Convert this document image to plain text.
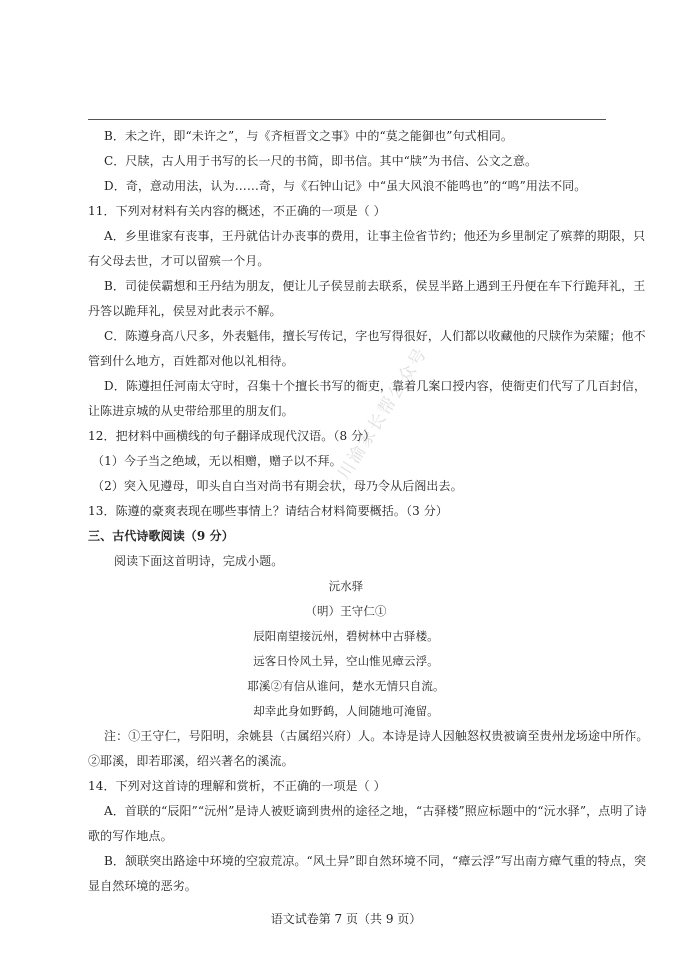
B．未之许，即“未许之”，与《齐桓晋文之事》中的“莫之能御也”句式相同。
C．尺牍，古人用于书写的长一尺的书简，即书信。其中“牍”为书信、公文之意。
D．奇，意动用法，认为……奇，与《石钟山记》中“虽大风浪不能鸣也”的“鸣”用法不同。
11．下列对材料有关内容的概述，不正确的一项是（ ）
A．乡里谁家有丧事，王丹就估计办丧事的费用，让事主俭省节约；他还为乡里制定了殡葬的期限，只
有父母去世，才可以留殡一个月。
B．司徒侯霸想和王丹结为朋友，便让儿子侯昱前去联系，侯昱半路上遇到王丹便在车下行跪拜礼，王
丹答以跪拜礼，侯昱对此表示不解。
C．陈遵身高八尺多，外表魁伟，擅长写传记，字也写得很好，人们都以收藏他的尺牍作为荣耀；他不
管到什么地方，百姓都对他以礼相待。
D．陈遵担任河南太守时，召集十个擅长书写的衙吏，靠着几案口授内容，使衙吏们代写了几百封信，
让陈进京城的从史带给那里的朋友们。
12．把材料中画横线的句子翻译成现代汉语。（8 分）
（1）今子当之绝域，无以相赠，赠子以不拜。
（2）突入见遵母，叩头自白当对尚书有期会状，母乃令从后阁出去。
13．陈遵的豪爽表现在哪些事情上？请结合材料简要概括。（3 分）
三、古代诗歌阅读（9 分）
阅读下面这首明诗，完成小题。
沅水驿
（明）王守仁①
辰阳南望接沅州，碧树林中古驿楼。
远客日怜风土异，空山惟见瘴云浮。
耶溪②有信从谁问，楚水无情只自流。
却幸此身如野鹤，人间随地可淹留。
注：①王守仁，号阳明，余姚县（古属绍兴府）人。本诗是诗人因触怒权贵被谪至贵州龙场途中所作。
②耶溪，即若耶溪，绍兴著名的溪流。
14．下列对这首诗的理解和赏析，不正确的一项是（ ）
A．首联的“辰阳”“沅州”是诗人被贬谪到贵州的途径之地，“古驿楼”照应标题中的“沅水驿”，点明了诗
歌的写作地点。
B．颔联突出路途中环境的空寂荒凉。“风土异”即自然环境不同，“瘴云浮”写出南方瘴气重的特点，突
显自然环境的恶劣。
川渝家长帮公众号
语文试卷第 7 页（共 9 页）
